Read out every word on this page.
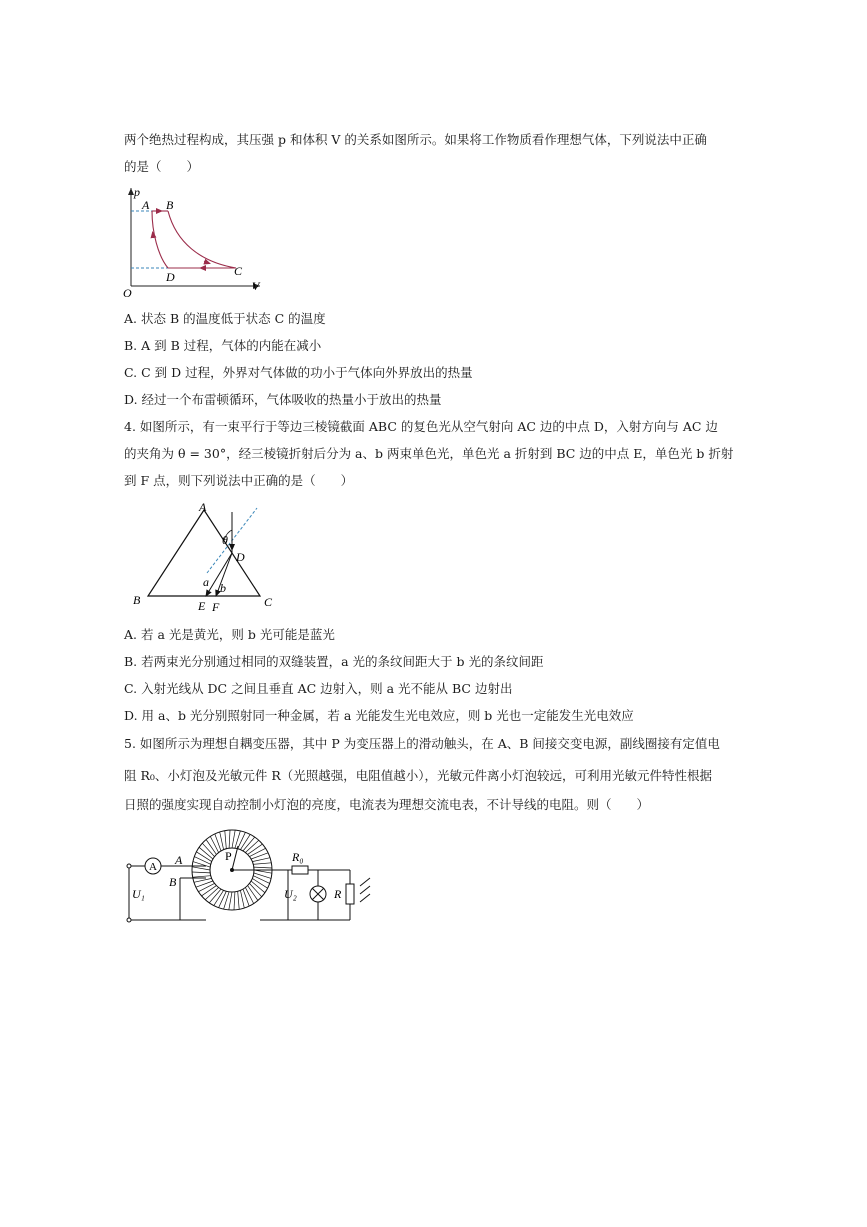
两个绝热过程构成，其压强 p 和体积 V 的关系如图所示。如果将工作物质看作理想气体，下列说法中正确
的是（　　）
p
V
O
A B
C
D
A. 状态 B 的温度低于状态 C 的温度
B. A 到 B 过程，气体的内能在减小
C. C 到 D 过程，外界对气体做的功小于气体向外界放出的热量
D. 经过一个布雷顿循环，气体吸收的热量小于放出的热量
4. 如图所示，有一束平行于等边三棱镜截面 ABC 的复色光从空气射向 AC 边的中点 D，入射方向与 AC 边
的夹角为 θ = 30°，经三棱镜折射后分为 a、b 两束单色光，单色光 a 折射到 BC 边的中点 E，单色光 b 折射
到 F 点，则下列说法中正确的是（　　）
A
B	C
D
E F
a b
θ
A. 若 a 光是黄光，则 b 光可能是蓝光
B. 若两束光分别通过相同的双缝装置，a 光的条纹间距大于 b 光的条纹间距
C. 入射光线从 DC 之间且垂直 AC 边射入，则 a 光不能从 BC 边射出
D. 用 a、b 光分别照射同一种金属，若 a 光能发生光电效应，则 b 光也一定能发生光电效应
5. 如图所示为理想自耦变压器，其中 P 为变压器上的滑动触头，在 A、B 间接交变电源，副线圈接有定值电
阻 R₀、小灯泡及光敏元件 R（光照越强，电阻值越小），光敏元件离小灯泡较远，可利用光敏元件特性根据
日照的强度实现自动控制小灯泡的亮度，电流表为理想交流电表，不计导线的电阻。则（　　）
A A
B
P
U₁	U₂
R₀
R
